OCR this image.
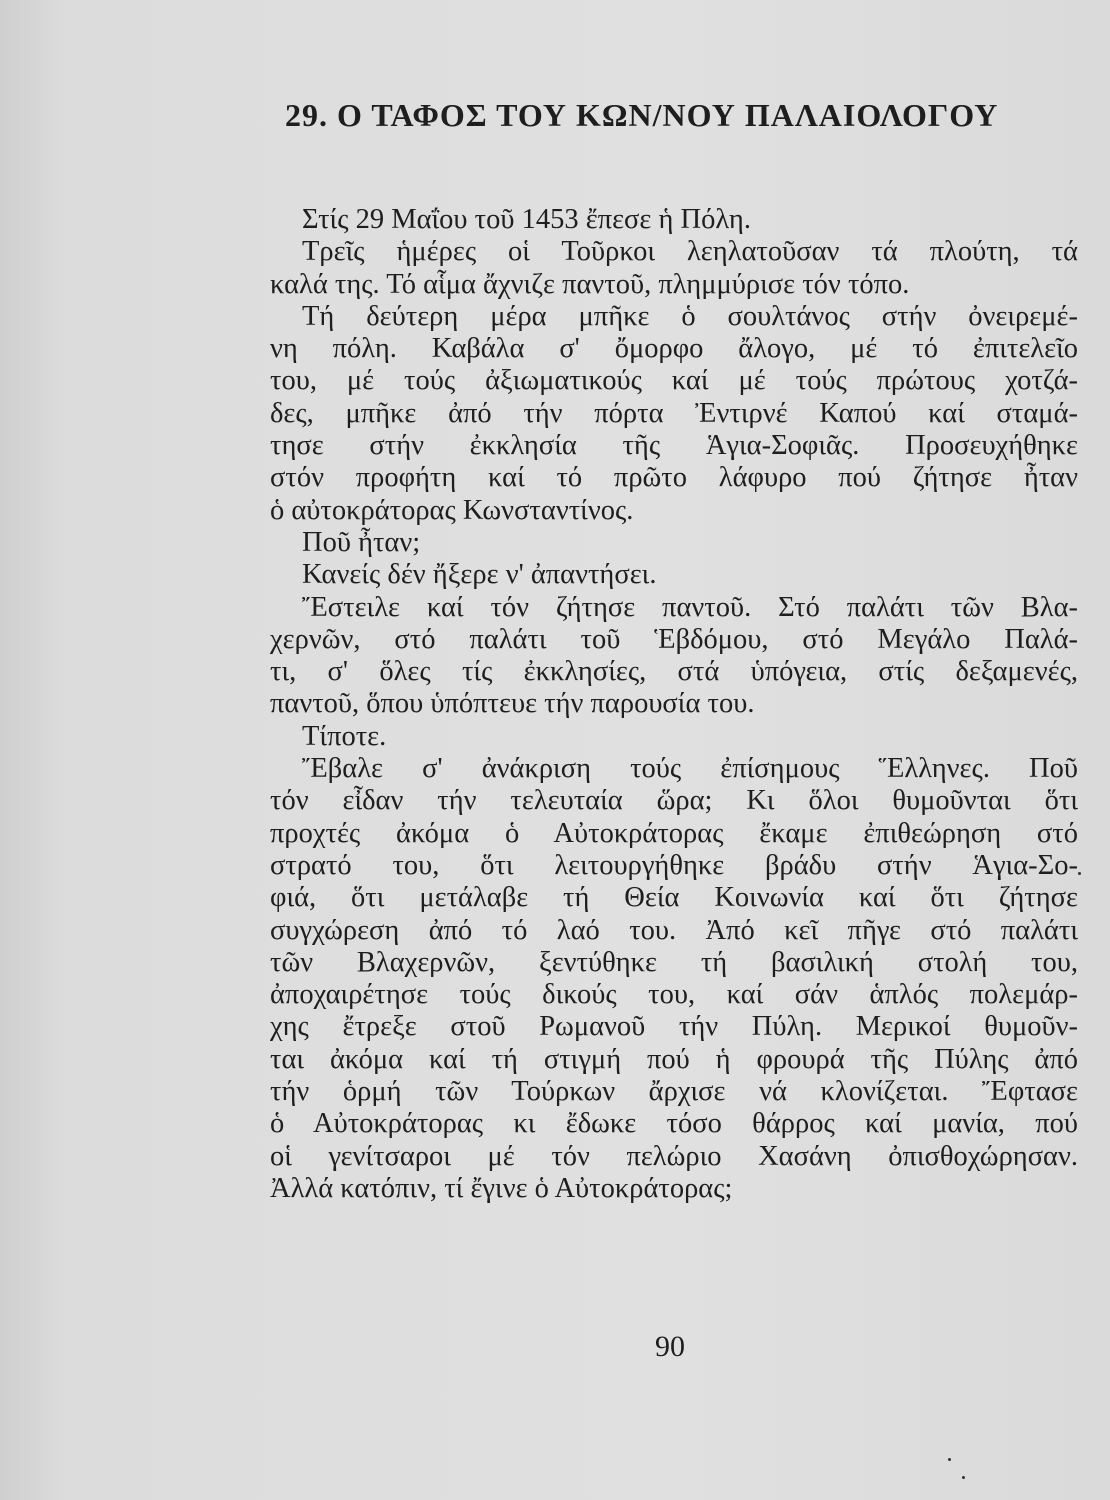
29. Ο ΤΑΦΟΣ ΤΟΥ ΚΩΝ/ΝΟΥ ΠΑΛΑΙΟΛΟΓΟΥ

Στίς 29 Μαΐου τοῦ 1453 ἔπεσε ἡ Πόλη.

Τρεῖς ἡμέρες οἱ Τοῦρκοι λεηλατοῦσαν τά πλούτη, τά
καλά της. Τό αἷμα ἄχνιζε παντοῦ, πλημμύρισε τόν τόπο.

Τή δεύτερη μέρα μπῆκε ὁ σουλτάνος στήν ὀνειρεμέ-
νη πόλη. Καβάλα σ' ὄμορφο ἄλογο, μέ τό ἐπιτελεῖο
του, μέ τούς ἀξιωματικούς καί μέ τούς πρώτους χοτζά-
δες, μπῆκε ἀπό τήν πόρτα Ἐντιρνέ Καπού καί σταμά-
τησε στήν ἐκκλησία τῆς Ἁγια-Σοφιᾶς. Προσευχήθηκε
στόν προφήτη καί τό πρῶτο λάφυρο πού ζήτησε ἦταν
ὁ αὐτοκράτορας Κωνσταντίνος.

Ποῦ ἦταν;

Κανείς δέν ἤξερε ν' ἀπαντήσει.

Ἔστειλε καί τόν ζήτησε παντοῦ. Στό παλάτι τῶν Βλα-
χερνῶν, στό παλάτι τοῦ Ἑβδόμου, στό Μεγάλο Παλά-
τι, σ' ὅλες τίς ἐκκλησίες, στά ὑπόγεια, στίς δεξαμενές,
παντοῦ, ὅπου ὑπόπτευε τήν παρουσία του.

Τίποτε.

Ἔβαλε σ' ἀνάκριση τούς ἐπίσημους Ἕλληνες. Ποῦ
τόν εἶδαν τήν τελευταία ὥρα; Κι ὅλοι θυμοῦνται ὅτι
προχτές ἀκόμα ὁ Αὐτοκράτορας ἔκαμε ἐπιθεώρηση στό
στρατό του, ὅτι λειτουργήθηκε βράδυ στήν Ἁγια-Σο-
φιά, ὅτι μετάλαβε τή Θεία Κοινωνία καί ὅτι ζήτησε
συγχώρεση ἀπό τό λαό του. Ἀπό κεῖ πῆγε στό παλάτι
τῶν Βλαχερνῶν, ξεντύθηκε τή βασιλική στολή του,
ἀποχαιρέτησε τούς δικούς του, καί σάν ἁπλός πολεμάρ-
χης ἔτρεξε στοῦ Ρωμανοῦ τήν Πύλη. Μερικοί θυμοῦν-
ται ἀκόμα καί τή στιγμή πού ἡ φρουρά τῆς Πύλης ἀπό
τήν ὁρμή τῶν Τούρκων ἄρχισε νά κλονίζεται. Ἔφτασε
ὁ Αὐτοκράτορας κι ἔδωκε τόσο θάρρος καί μανία, πού
οἱ γενίτσαροι μέ τόν πελώριο Χασάνη ὀπισθοχώρησαν.
Ἀλλά κατόπιν, τί ἔγινε ὁ Αὐτοκράτορας;

90
